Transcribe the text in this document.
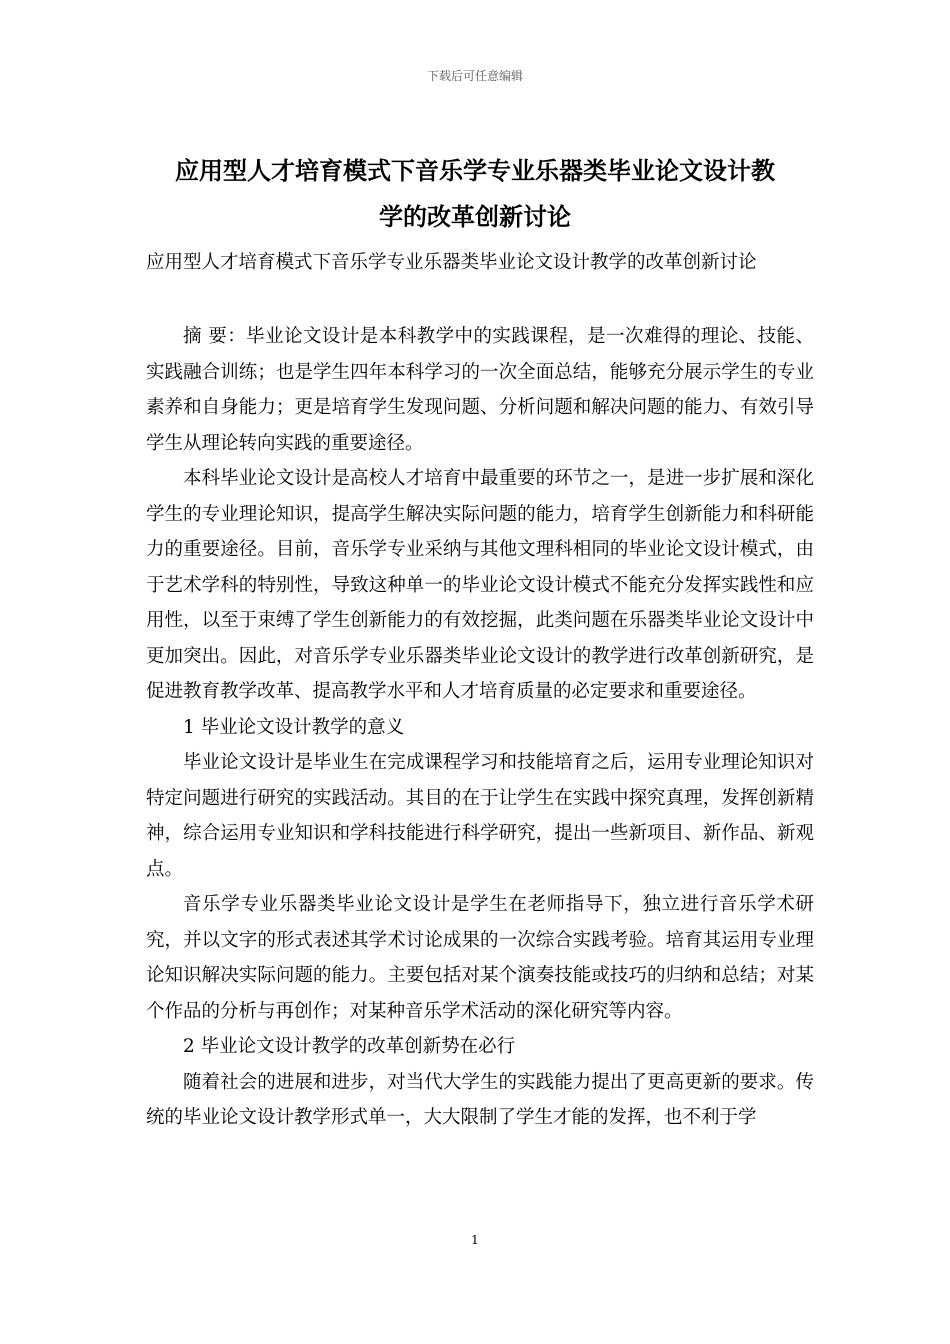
下载后可任意编辑
应用型人才培育模式下音乐学专业乐器类毕业论文设计教
学的改革创新讨论
应用型人才培育模式下音乐学专业乐器类毕业论文设计教学的改革创新讨论

摘 要：毕业论文设计是本科教学中的实践课程，是一次难得的理论、技能、实践融合训练；也是学生四年本科学习的一次全面总结，能够充分展示学生的专业素养和自身能力；更是培育学生发现问题、分析问题和解决问题的能力、有效引导学生从理论转向实践的重要途径。

本科毕业论文设计是高校人才培育中最重要的环节之一，是进一步扩展和深化学生的专业理论知识，提高学生解决实际问题的能力，培育学生创新能力和科研能力的重要途径。目前，音乐学专业采纳与其他文理科相同的毕业论文设计模式，由于艺术学科的特别性，导致这种单一的毕业论文设计模式不能充分发挥实践性和应用性，以至于束缚了学生创新能力的有效挖掘，此类问题在乐器类毕业论文设计中更加突出。因此，对音乐学专业乐器类毕业论文设计的教学进行改革创新研究，是促进教育教学改革、提高教学水平和人才培育质量的必定要求和重要途径。

1 毕业论文设计教学的意义

毕业论文设计是毕业生在完成课程学习和技能培育之后，运用专业理论知识对特定问题进行研究的实践活动。其目的在于让学生在实践中探究真理，发挥创新精神，综合运用专业知识和学科技能进行科学研究，提出一些新项目、新作品、新观点。

音乐学专业乐器类毕业论文设计是学生在老师指导下，独立进行音乐学术研究，并以文字的形式表述其学术讨论成果的一次综合实践考验。培育其运用专业理论知识解决实际问题的能力。主要包括对某个演奏技能或技巧的归纳和总结；对某个作品的分析与再创作；对某种音乐学术活动的深化研究等内容。

2 毕业论文设计教学的改革创新势在必行

随着社会的进展和进步，对当代大学生的实践能力提出了更高更新的要求。传统的毕业论文设计教学形式单一，大大限制了学生才能的发挥，也不利于学

1
